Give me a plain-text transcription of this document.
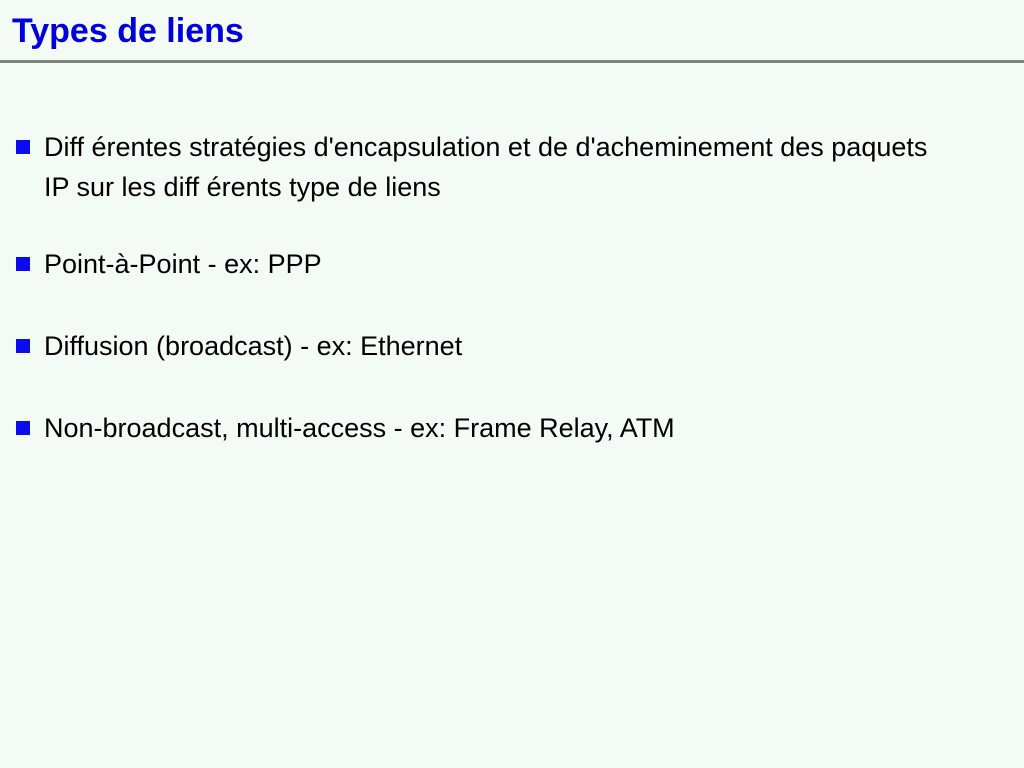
Types de liens
Diff érentes stratégies d'encapsulation et de d'acheminement des paquets
IP sur les diff érents type de liens
Point-à-Point - ex: PPP
Diffusion (broadcast) - ex: Ethernet
Non-broadcast, multi-access - ex: Frame Relay, ATM
